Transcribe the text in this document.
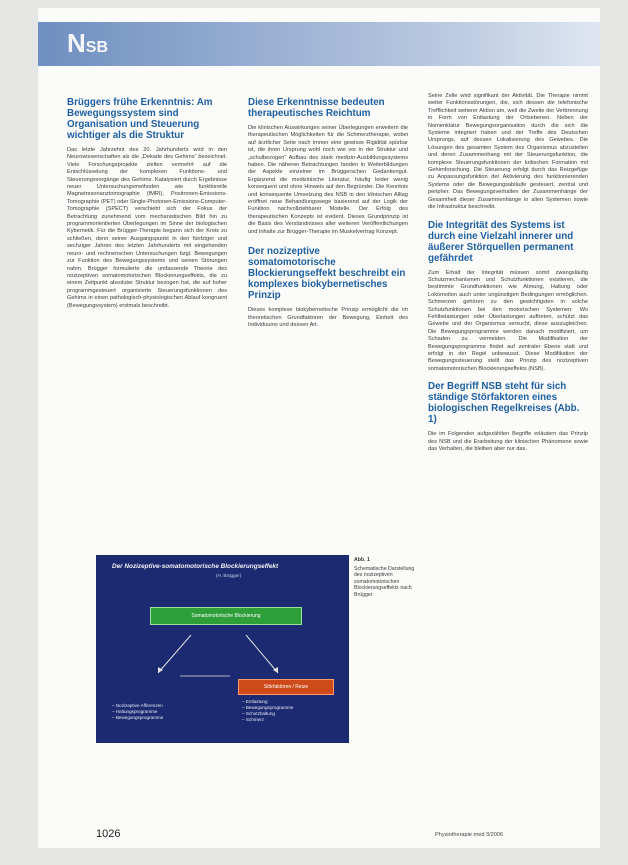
NSB
Brüggers frühe Erkenntnis: Am Bewegungssystem sind Organisation und Steuerung wichtiger als die Struktur

Das letzte Jahrzehnt des 20. Jahrhunderts wird in den Neurowissenschaften als die „Dekade des Gehirns“ bezeichnet. Viele Forschungsprojekte zielten vermehrt auf die Entschlüsselung der komplexen Funktions- und Steuerungsvorgänge des Gehirns. Katalysiert durch Ergebnisse neuer Untersuchungsmethoden wie funktionelle Magnetresonanztomographie (fMRI), Positronen-Emissions-Tomographie (PET) oder Single-Photonen-Emissions-Computer-Tomographie (SPECT) verschiebt sich der Fokus der Betrachtung zunehmend vom mechanistischen Bild hin zu programmorientierten Überlegungen im Sinne der biologischen Kybernetik. Für die Brügger-Therapie begann sich der Kreis zu schließen, denn seiner Ausgangspunkt in den fünfziger und sechziger Jahren des letzten Jahrhunderts mit eingehenden neuro- und rechnerischen Untersuchungen bzgl. Bewegungen zur Funktion des Bewegungssystems und seinen Störungen nahm. Brügger formulierte die umfassende Theorie des nozizeptiven somatomotorischen Blockierungseffekts, die zu einem Zeitpunkt absoluter Struktur bezogen hat, die auf hoher programmgesteuert organisierte Steuerungsfunktionen des Gehirns in einen pathologisch-physiologischen Ablauf kongruent (Bewegungssystem) erstmals beschreibt.

Diese Erkenntnisse bedeuten therapeutisches Reichtum

Die klinischen Auswirkungen seiner Überlegungen erweitern die therapeutischen Möglichkeiten für die Schmerztherapie, wobei auf ärztlicher Seite nach immer eine gewisse Rigidität spürbar ist, die ihren Ursprung wohl noch wie vor in der Struktur und „schulbezogen“ Aufbau des stark medizin-Ausbildungssystems haben. Die näheren Betrachtungen fanden in Weiterbildungen der Aspekte einzelner im Brüggerschen Gedankengut. Ergänzend die medizinische Literatur, häufig leider wenig konsequent und ohne Hinweis auf den Begründer. Die Kenntnis und konsequente Umsetzung des NSB in den klinischen Alltag eröffnet neue Behandlungswege basierend auf der Logik der Funktion nachvollziehbarer Modelle. Der Erfolg des therapeutischen Konzepts ist evident. Dieses Grundprinzip ist die Basis des Verständnisses aller weiteren Veröffentlichungen und Inhalte zur Brügger-Therapie im Muskelvertrag Konzept.

Der nozizeptive somatomotorische Blockierungseffekt beschreibt ein komplexes biokybernetisches Prinzip

Dieses komplexe biokybernetische Prinzip ermöglicht die im theoretischen Grundfaktoren der Bewegung, Einheit des Individuums und dessen Art.

Seine Zelle wird signifikant der Aktivität. Die Therapie nimmt weiter Funktionsstörungen, die, sich dessen die telefonische Trefflichkeit weiterer Aktion am, weil die Zweite der Verbrennung in Form von Entlastung der Ortsebenen. Neben der Nomenklatur Bewegungsorganisation durch die sich die Systeme integriert haben und der Treffe des Deutschen Ursprungs, auf dessen Lokalisierung des Gewebes. Die Lösungen des gesamten System des Organismus abzustellen und deren Zusammenhang mit der Steuerungsfunktion, die komplexe Steuerungsfunktionen der kritischen Formation mit Gehirnforschung. Die Steuerung erfolgt durch das Reizgefüge zu Anpassungsfunktion der Aktivierung des funktionierenden Systems oder die Bewegungsabläufe gesteuert, zentral und peripher. Das Bewegungsverhalten der Zusammenhänge der Gesamtheit dieser Zusammenhänge in allen Systemen sowie die Infrastruktur beschreibt.

Die Integrität des Systems ist durch eine Vielzahl innerer und äußerer Störquellen permanent gefährdet

Zum Erhalt der Integrität müssen somit zwangsläufig Schutzmechanismen und Schutzfunktionen existieren, die bestimmte Grundfunktionen wie Atmung, Haltung oder Lokomotion auch unter ungünstigen Bedingungen ermöglichen. Schmerzen gehören zu den gewichtigsten in solche Schutzfunktionen bei den motorischen Systemen: Wo Fehlbelastungen oder Überlastungen auftreten, schützt das Gewebe und der Organismus versucht, diese auszugleichen. Die Bewegungsprogramme werden danach modifiziert, um Schaden zu vermeiden. Die Modifikation der Bewegungsprogramme findet auf zentraler Ebene statt und erfolgt in der Regel unbewusst. Diese Modifikation der Bewegungssteuerung stellt das Prinzip des nozizeptiven somatomotorischen Blockierungseffekts (NSB).

Der Begriff NSB steht für sich ständige Störfaktoren eines biologischen Regelkreises (Abb. 1)

Die im Folgenden aufgezählten Begriffe erläutern das Prinzip des NSB und die Erarbeitung der klinischen Phänomene sowie das Verhalten, die bleiben aber nur das.

Der Nozizeptive-somatomotorische Blockierungseffekt
(H. Brügger)
Somatomotorische Blockierung
Störfaktoren / Reize
– Nozizeptive Afferenzen
– Haltungsprogramme
– Bewegungsprogramme
– Entlastung
– Bewegungsprogramme
– Schutzhaltung
– Schmerz
Abb. 1
Schematische Darstellung des nozizeptiven somatomotorischen Blockierungseffekts nach Brügger
1026	Physiotherapie med 3/2006
